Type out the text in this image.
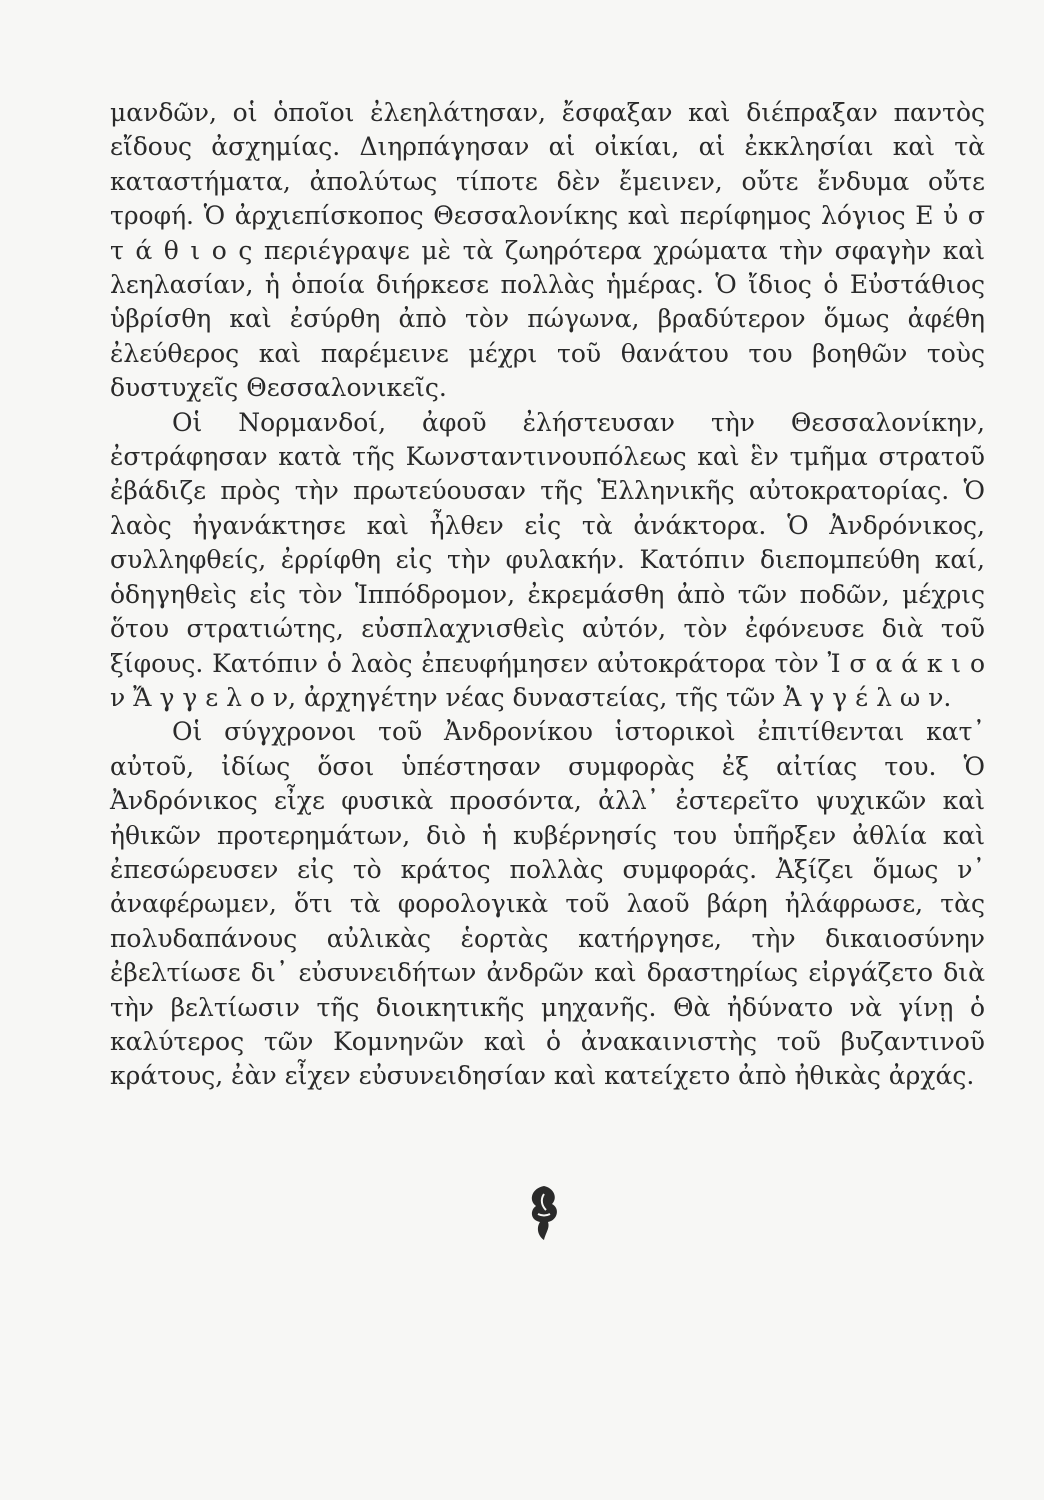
μανδῶν, οἱ ὁποῖοι ἐλεηλάτησαν, ἔσφαξαν καὶ διέπραξαν παντὸς εἴδους ἀσχημίας. Διηρπάγησαν αἱ οἰκίαι, αἱ ἐκκλησίαι καὶ τὰ καταστήματα, ἀπολύτως τίποτε δὲν ἔμεινεν, οὔτε ἔνδυμα οὔτε τροφή. Ὁ ἀρχιεπίσκοπος Θεσσαλονίκης καὶ περίφημος λόγιος Ε ὐ σ τ ά θ ι ο ς περιέγραψε μὲ τὰ ζωηρότερα χρώματα τὴν σφαγὴν καὶ λεηλασίαν, ἡ ὁποία διήρκεσε πολλὰς ἡμέρας. Ὁ ἴδιος ὁ Εὐστάθιος ὑβρίσθη καὶ ἐσύρθη ἀπὸ τὸν πώγωνα, βραδύτερον ὅμως ἀφέθη ἐλεύθερος καὶ παρέμεινε μέχρι τοῦ θανάτου του βοηθῶν τοὺς δυστυχεῖς Θεσσαλονικεῖς.

Οἱ Νορμανδοί, ἀφοῦ ἐλήστευσαν τὴν Θεσσαλονίκην, ἐστράφησαν κατὰ τῆς Κωνσταντινουπόλεως καὶ ἓν τμῆμα στρατοῦ ἐβάδιζε πρὸς τὴν πρωτεύουσαν τῆς Ἑλληνικῆς αὐτοκρατορίας. Ὁ λαὸς ἠγανάκτησε καὶ ἦλθεν εἰς τὰ ἀνάκτορα. Ὁ Ἀνδρόνικος, συλληφθείς, ἐρρίφθη εἰς τὴν φυλακήν. Κατόπιν διεπομπεύθη καί, ὁδηγηθεὶς εἰς τὸν Ἱππόδρομον, ἐκρεμάσθη ἀπὸ τῶν ποδῶν, μέχρις ὅτου στρατιώτης, εὐσπλαχνισθεὶς αὐτόν, τὸν ἐφόνευσε διὰ τοῦ ξίφους. Κατόπιν ὁ λαὸς ἐπευφήμησεν αὐτοκράτορα τὸν Ἰ σ α ά κ ι ο ν Ἄ γ γ ε λ ο ν, ἀρχηγέτην νέας δυναστείας, τῆς τῶν Ἀ γ γ έ λ ω ν.

Οἱ σύγχρονοι τοῦ Ἀνδρονίκου ἱστορικοὶ ἐπιτίθενται κατ᾽ αὐτοῦ, ἰδίως ὅσοι ὑπέστησαν συμφορὰς ἐξ αἰτίας του. Ὁ Ἀνδρόνικος εἶχε φυσικὰ προσόντα, ἀλλ᾽ ἐστερεῖτο ψυχικῶν καὶ ἠθικῶν προτερημάτων, διὸ ἡ κυβέρνησίς του ὑπῆρξεν ἀθλία καὶ ἐπεσώρευσεν εἰς τὸ κράτος πολλὰς συμφοράς. Ἀξίζει ὅμως ν᾽ ἀναφέρωμεν, ὅτι τὰ φορολογικὰ τοῦ λαοῦ βάρη ἠλάφρωσε, τὰς πολυδαπάνους αὐλικὰς ἑορτὰς κατήργησε, τὴν δικαιοσύνην ἐβελτίωσε δι᾽ εὐσυνειδήτων ἀνδρῶν καὶ δραστηρίως εἰργάζετο διὰ τὴν βελτίωσιν τῆς διοικητικῆς μηχανῆς. Θὰ ἠδύνατο νὰ γίνῃ ὁ καλύτερος τῶν Κομνηνῶν καὶ ὁ ἀνακαινιστὴς τοῦ βυζαντινοῦ κράτους, ἐὰν εἶχεν εὐσυνειδησίαν καὶ κατείχετο ἀπὸ ἠθικὰς ἀρχάς.
